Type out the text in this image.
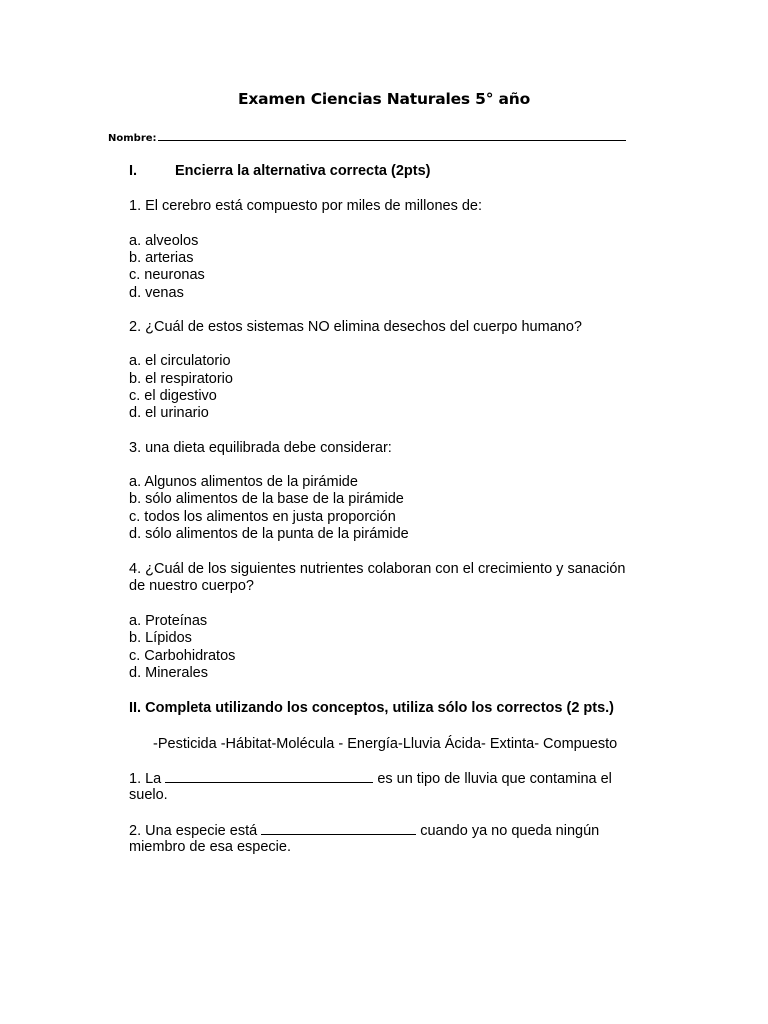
Examen Ciencias Naturales 5° año
Nombre:
I.	Encierra la alternativa correcta (2pts)
1. El cerebro está compuesto por miles de millones de:
a. alveolos
b. arterias
c. neuronas
d. venas
2. ¿Cuál de estos sistemas NO elimina desechos del cuerpo humano?
a. el circulatorio
b. el respiratorio
c. el digestivo
d. el urinario
3. una dieta equilibrada debe considerar:
a. Algunos alimentos de la pirámide
b. sólo alimentos de la base de la pirámide
c. todos los alimentos en justa proporción
d. sólo alimentos de la punta de la pirámide
4. ¿Cuál de los siguientes nutrientes colaboran con el crecimiento y sanación
de nuestro cuerpo?
a. Proteínas
b. Lípidos
c. Carbohidratos
d. Minerales
II. Completa utilizando los conceptos, utiliza sólo los correctos (2 pts.)
-Pesticida -Hábitat-Molécula - Energía-Lluvia Ácida- Extinta- Compuesto
1. La	es un tipo de lluvia que contamina el
suelo.
2. Una especie está	cuando ya no queda ningún
miembro de esa especie.
